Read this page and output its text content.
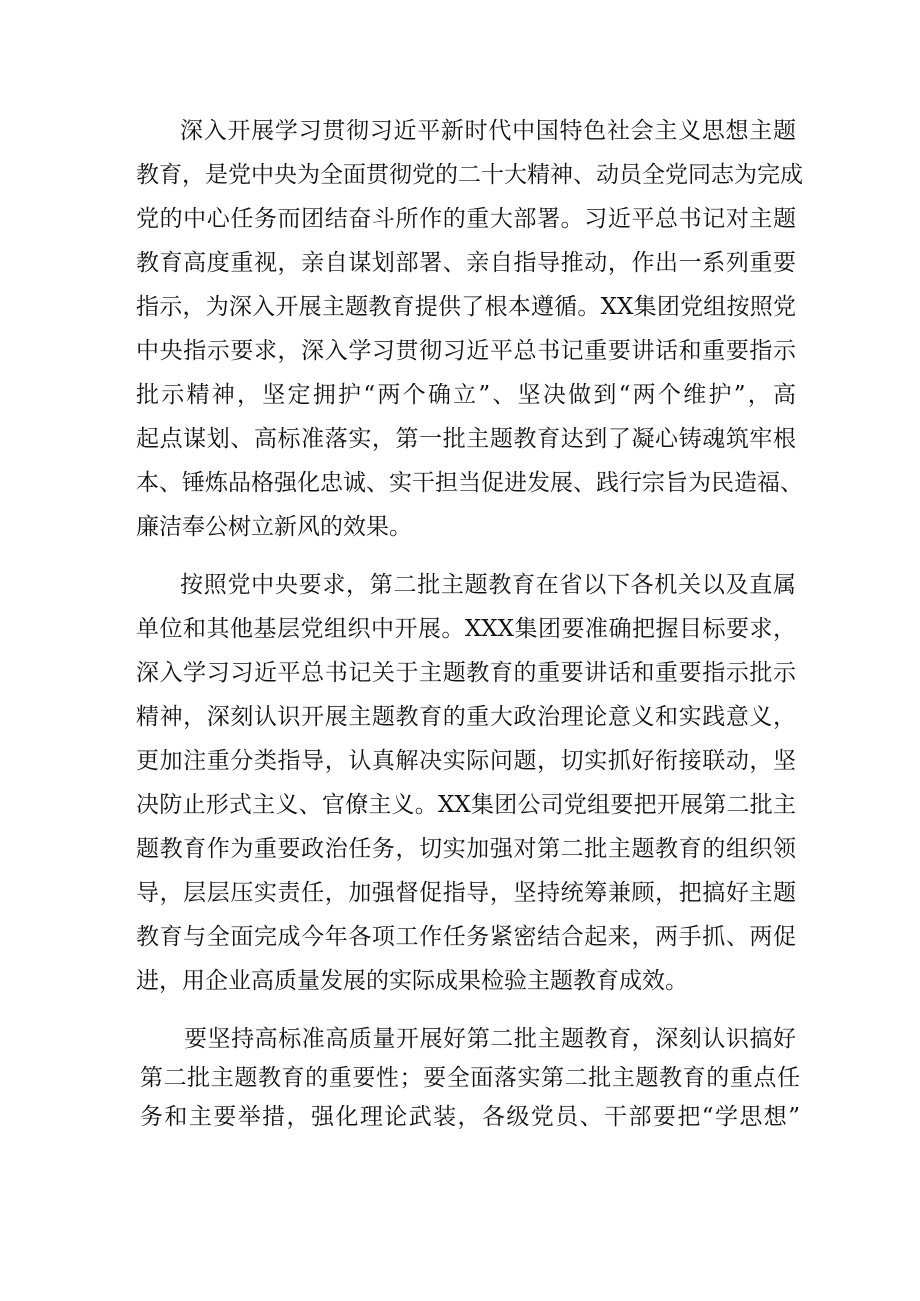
深入开展学习贯彻习近平新时代中国特色社会主义思想主题
教育，是党中央为全面贯彻党的二十大精神、动员全党同志为完成
党的中心任务而团结奋斗所作的重大部署。习近平总书记对主题
教育高度重视，亲自谋划部署、亲自指导推动，作出一系列重要
指示，为深入开展主题教育提供了根本遵循。XX集团党组按照党
中央指示要求，深入学习贯彻习近平总书记重要讲话和重要指示
批示精神，坚定拥护“两个确立”、坚决做到“两个维护”，高
起点谋划、高标准落实，第一批主题教育达到了凝心铸魂筑牢根
本、锤炼品格强化忠诚、实干担当促进发展、践行宗旨为民造福、
廉洁奉公树立新风的效果。
按照党中央要求，第二批主题教育在省以下各机关以及直属
单位和其他基层党组织中开展。XXX集团要准确把握目标要求，
深入学习习近平总书记关于主题教育的重要讲话和重要指示批示
精神，深刻认识开展主题教育的重大政治理论意义和实践意义，
更加注重分类指导，认真解决实际问题，切实抓好衔接联动，坚
决防止形式主义、官僚主义。XX集团公司党组要把开展第二批主
题教育作为重要政治任务，切实加强对第二批主题教育的组织领
导，层层压实责任，加强督促指导，坚持统筹兼顾，把搞好主题
教育与全面完成今年各项工作任务紧密结合起来，两手抓、两促
进，用企业高质量发展的实际成果检验主题教育成效。
要坚持高标准高质量开展好第二批主题教育，深刻认识搞好
第二批主题教育的重要性；要全面落实第二批主题教育的重点任
务和主要举措，强化理论武装，各级党员、干部要把“学思想”
